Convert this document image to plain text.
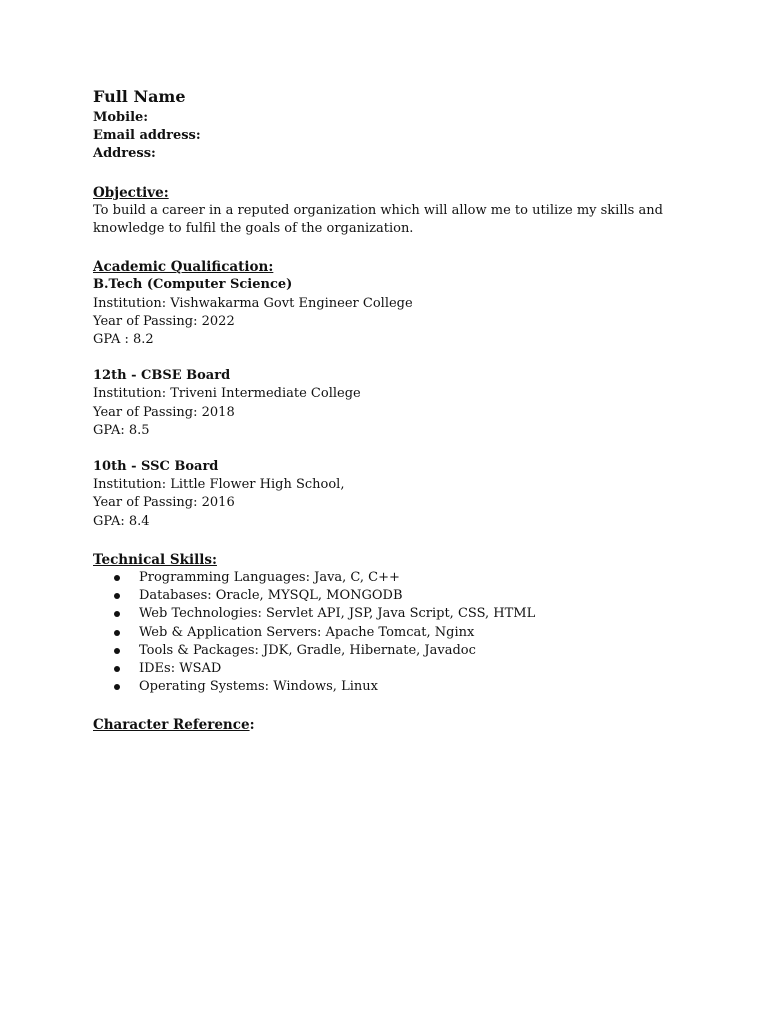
Full Name

Mobile:

Email address:

Address:

Objective:

To build a career in a reputed organization which will allow me to utilize my skills and

knowledge to fulfil the goals of the organization.

Academic Qualification:

B.Tech (Computer Science)

Institution: Vishwakarma Govt Engineer College

Year of Passing: 2022

GPA : 8.2

12th - CBSE Board

Institution: Triveni Intermediate College

Year of Passing: 2018

GPA: 8.5

10th - SSC Board

Institution: Little Flower High School,

Year of Passing: 2016

GPA: 8.4

Technical Skills:

Programming Languages: Java, C, C++
Databases: Oracle, MYSQL, MONGODB
Web Technologies: Servlet API, JSP, Java Script, CSS, HTML
Web & Application Servers: Apache Tomcat, Nginx
Tools & Packages: JDK, Gradle, Hibernate, Javadoc
IDEs: WSAD
Operating Systems: Windows, Linux

Character Reference:
